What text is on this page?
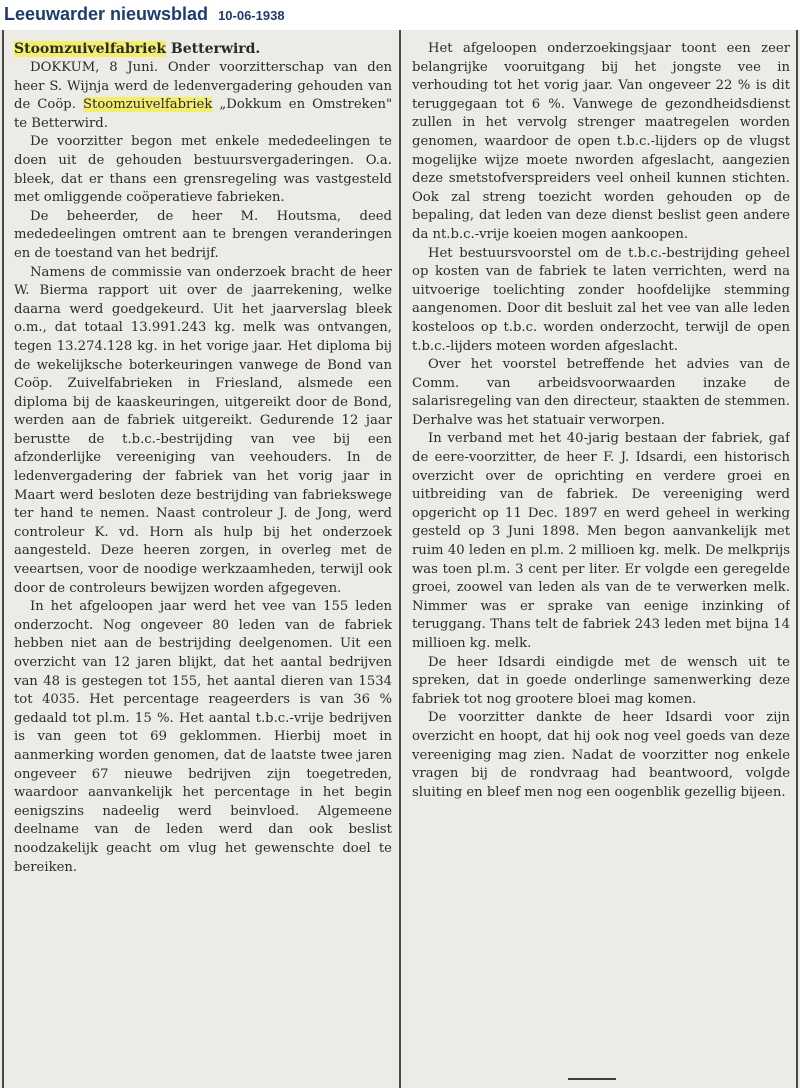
Leeuwarder nieuwsblad 10-06-1938
Stoomzuivelfabriek Betterwird.

DOKKUM, 8 Juni. Onder voorzitterschap van den heer S. Wijnja werd de ledenvergadering gehouden van de Coöp. Stoomzuivelfabriek „Dokkum en Omstreken" te Betterwird.

De voorzitter begon met enkele mededeelingen te doen uit de gehouden bestuursvergaderingen. O.a. bleek, dat er thans een grensregeling was vastgesteld met omliggende coöperatieve fabrieken.

De beheerder, de heer M. Houtsma, deed mededeelingen omtrent aan te brengen veranderingen en de toestand van het bedrijf.

Namens de commissie van onderzoek bracht de heer W. Bierma rapport uit over de jaarrekening, welke daarna werd goedgekeurd. Uit het jaarverslag bleek o.m., dat totaal 13.991.243 kg. melk was ontvangen, tegen 13.274.128 kg. in het vorige jaar. Het diploma bij de wekelijksche boterkeuringen vanwege de Bond van Coöp. Zuivelfabrieken in Friesland, alsmede een diploma bij de kaaskeuringen, uitgereikt door de Bond, werden aan de fabriek uitgereikt. Gedurende 12 jaar berustte de t.b.c.-bestrijding van vee bij een afzonderlijke vereeniging van veehouders. In de ledenvergadering der fabriek van het vorig jaar in Maart werd besloten deze bestrijding van fabriekswege ter hand te nemen. Naast controleur J. de Jong, werd controleur K. vd. Horn als hulp bij het onderzoek aangesteld. Deze heeren zorgen, in overleg met de veeartsen, voor de noodige werkzaamheden, terwijl ook door de controleurs bewijzen worden afgegeven.

In het afgeloopen jaar werd het vee van 155 leden onderzocht. Nog ongeveer 80 leden van de fabriek hebben niet aan de bestrijding deelgenomen. Uit een overzicht van 12 jaren blijkt, dat het aantal bedrijven van 48 is gestegen tot 155, het aantal dieren van 1534 tot 4035. Het percentage reageerders is van 36 % gedaald tot pl.m. 15 %. Het aantal t.b.c.-vrije bedrijven is van geen tot 69 geklommen. Hierbij moet in aanmerking worden genomen, dat de laatste twee jaren ongeveer 67 nieuwe bedrijven zijn toegetreden, waardoor aanvankelijk het percentage in het begin eenigszins nadeelig werd beinvloed. Algemeene deelname van de leden werd dan ook beslist noodzakelijk geacht om vlug het gewenschte doel te bereiken.

Het afgeloopen onderzoekingsjaar toont een zeer belangrijke vooruitgang bij het jongste vee in verhouding tot het vorig jaar. Van ongeveer 22 % is dit teruggegaan tot 6 %. Vanwege de gezondheidsdienst zullen in het vervolg strenger maatregelen worden genomen, waardoor de open t.b.c.-lijders op de vlugst mogelijke wijze moete nworden afgeslacht, aangezien deze smetstofverspreiders veel onheil kunnen stichten. Ook zal streng toezicht worden gehouden op de bepaling, dat leden van deze dienst beslist geen andere da nt.b.c.-vrije koeien mogen aankoopen.

Het bestuursvoorstel om de t.b.c.-bestrijding geheel op kosten van de fabriek te laten verrichten, werd na uitvoerige toelichting zonder hoofdelijke stemming aangenomen. Door dit besluit zal het vee van alle leden kosteloos op t.b.c. worden onderzocht, terwijl de open t.b.c.-lijders moteen worden afgeslacht.

Over het voorstel betreffende het advies van de Comm. van arbeidsvoorwaarden inzake de salarisregeling van den directeur, staakten de stemmen. Derhalve was het statuair verworpen.

In verband met het 40-jarig bestaan der fabriek, gaf de eere-voorzitter, de heer F. J. Idsardi, een historisch overzicht over de oprichting en verdere groei en uitbreiding van de fabriek. De vereeniging werd opgericht op 11 Dec. 1897 en werd geheel in werking gesteld op 3 Juni 1898. Men begon aanvankelijk met ruim 40 leden en pl.m. 2 millioen kg. melk. De melkprijs was toen pl.m. 3 cent per liter. Er volgde een geregelde groei, zoowel van leden als van de te verwerken melk. Nimmer was er sprake van eenige inzinking of teruggang. Thans telt de fabriek 243 leden met bijna 14 millioen kg. melk.

De heer Idsardi eindigde met de wensch uit te spreken, dat in goede onderlinge samenwerking deze fabriek tot nog grootere bloei mag komen.

De voorzitter dankte de heer Idsardi voor zijn overzicht en hoopt, dat hij ook nog veel goeds van deze vereeniging mag zien. Nadat de voorzitter nog enkele vragen bij de rondvraag had beantwoord, volgde sluiting en bleef men nog een oogenblik gezellig bijeen.
